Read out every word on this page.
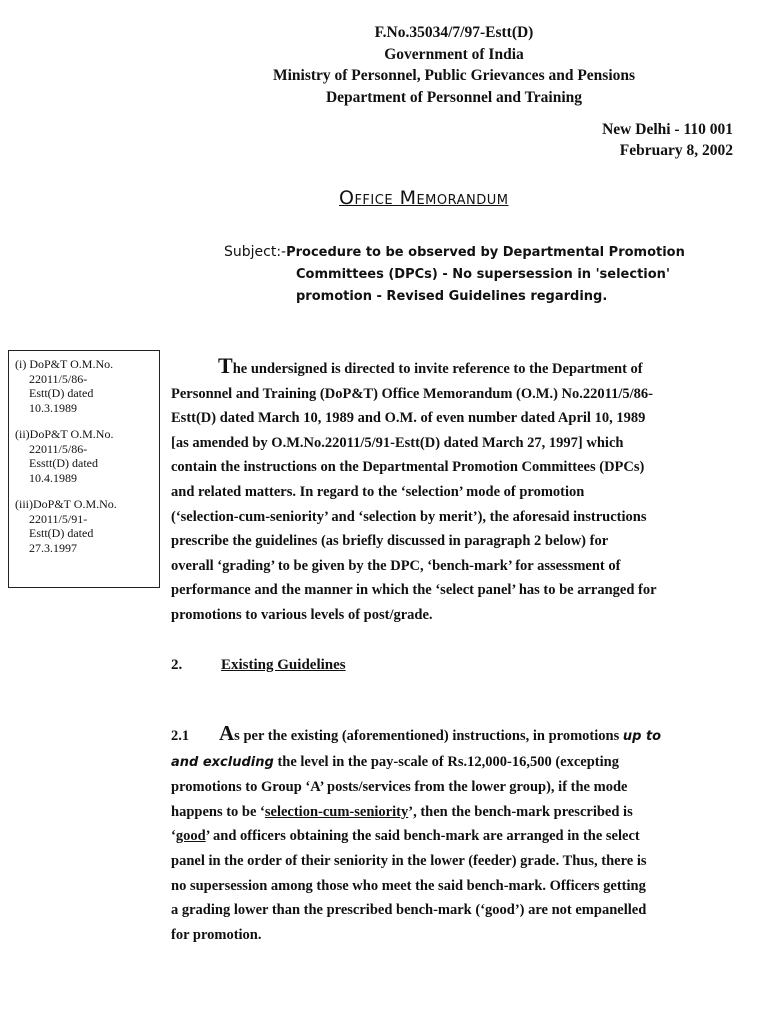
F.No.35034/7/97-Estt(D)
Government of India
Ministry of Personnel, Public Grievances and Pensions
Department of Personnel and Training
New Delhi - 110 001
February 8, 2002
Office Memorandum
Subject:-Procedure to be observed by Departmental Promotion
Committees (DPCs) - No supersession in 'selection'
promotion - Revised Guidelines regarding.
(i) DoP&T O.M.No.
22011/5/86-
Estt(D) dated
10.3.1989
(ii)DoP&T O.M.No.
22011/5/86-
Esstt(D) dated
10.4.1989
(iii)DoP&T O.M.No.
22011/5/91-
Estt(D) dated
27.3.1997
The undersigned is directed to invite reference to the Department of
Personnel and Training (DoP&T) Office Memorandum (O.M.) No.22011/5/86-
Estt(D) dated March 10, 1989 and O.M. of even number dated April 10, 1989
[as amended by O.M.No.22011/5/91-Estt(D) dated March 27, 1997] which
contain the instructions on the Departmental Promotion Committees (DPCs)
and related matters. In regard to the ‘selection’ mode of promotion
(‘selection-cum-seniority’ and ‘selection by merit’), the aforesaid instructions
prescribe the guidelines (as briefly discussed in paragraph 2 below) for
overall ‘grading’ to be given by the DPC, ‘bench-mark’ for assessment of
performance and the manner in which the ‘select panel’ has to be arranged for
promotions to various levels of post/grade.
2.	Existing Guidelines
2.1 As per the existing (aforementioned) instructions, in promotions up to
and excluding the level in the pay-scale of Rs.12,000-16,500 (excepting
promotions to Group ‘A’ posts/services from the lower group), if the mode
happens to be ‘selection-cum-seniority’, then the bench-mark prescribed is
‘good’ and officers obtaining the said bench-mark are arranged in the select
panel in the order of their seniority in the lower (feeder) grade. Thus, there is
no supersession among those who meet the said bench-mark. Officers getting
a grading lower than the prescribed bench-mark (‘good’) are not empanelled
for promotion.
